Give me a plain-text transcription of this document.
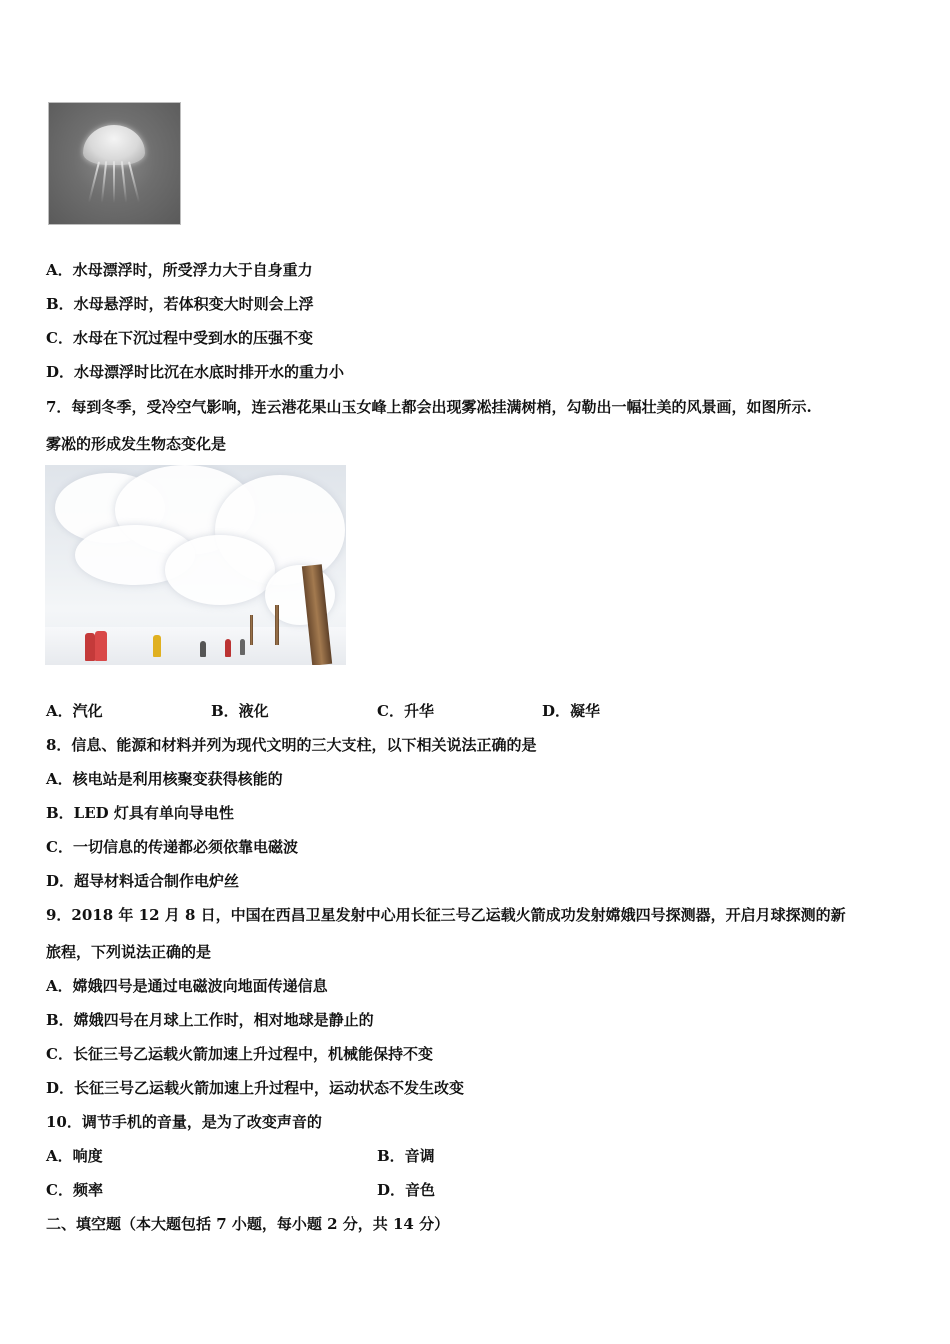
A．水母漂浮时，所受浮力大于自身重力
B．水母悬浮时，若体积变大时则会上浮
C．水母在下沉过程中受到水的压强不变
D．水母漂浮时比沉在水底时排开水的重力小
7．每到冬季，受冷空气影响，连云港花果山玉女峰上都会出现雾凇挂满树梢，勾勒出一幅壮美的风景画，如图所示.
雾凇的形成发生物态变化是
A．汽化	B．液化	C．升华	D．凝华
8．信息、能源和材料并列为现代文明的三大支柱，以下相关说法正确的是
A．核电站是利用核聚变获得核能的
B．LED 灯具有单向导电性
C．一切信息的传递都必须依靠电磁波
D．超导材料适合制作电炉丝
9．2018 年 12 月 8 日，中国在西昌卫星发射中心用长征三号乙运载火箭成功发射嫦娥四号探测器，开启月球探测的新
旅程，下列说法正确的是
A．嫦娥四号是通过电磁波向地面传递信息
B．嫦娥四号在月球上工作时，相对地球是静止的
C．长征三号乙运载火箭加速上升过程中，机械能保持不变
D．长征三号乙运载火箭加速上升过程中，运动状态不发生改变
10．调节手机的音量，是为了改变声音的
A．响度	B．音调
C．频率	D．音色
二、填空题（本大题包括 7 小题，每小题 2 分，共 14 分）
